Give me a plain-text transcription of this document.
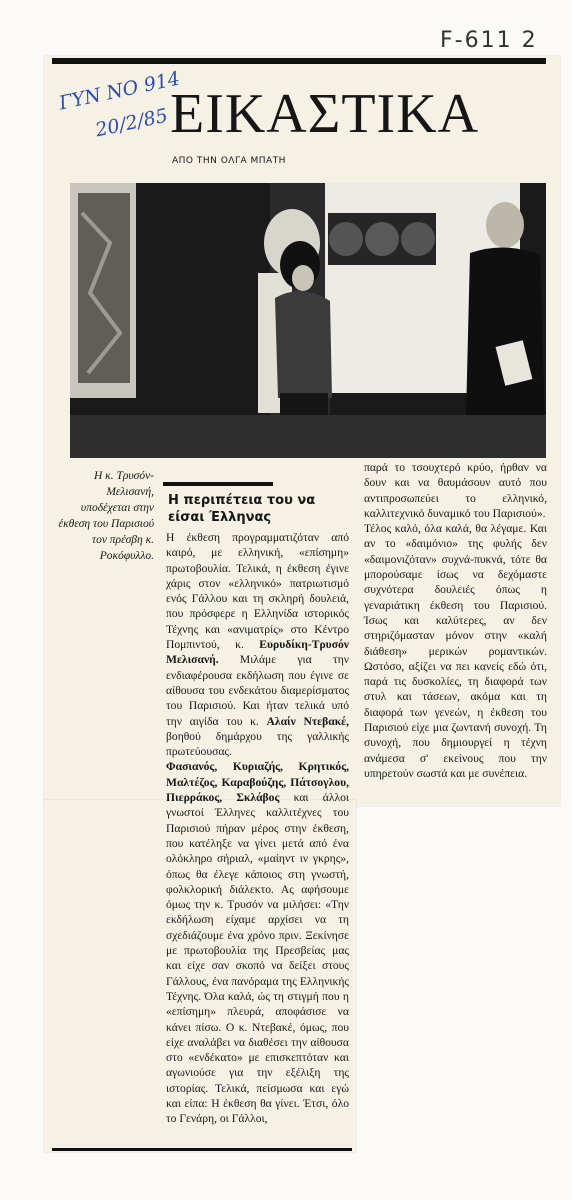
F-611 2
ΓΥΝ ΝΟ 914
20/2/85 ΕΙΚΑΣΤΙΚΑ
ΑΠΟ ΤΗΝ ΟΛΓΑ ΜΠΑΤΗ
Η κ. Τρυσόν-Μελισανή, υποδέχεται στην έκθεση του Παρισιού τον πρέσβη κ. Ροκόφυλλο.
Η περιπέτεια του να είσαι Έλληνας

Η έκθεση προγραμματιζόταν από καιρό, με ελληνική, «επίσημη» πρωτοβουλία. Τελικά, η έκθεση έγινε χάρις στον «ελληνικό» πατριωτισμό ενός Γάλλου και τη σκληρή δουλειά, που πρόσφερε η Ελληνίδα ιστορικός Τέχνης και «ανιματρίς» στο Κέντρο Πομπιντού, κ. Ευρυδίκη-Τρυσόν Μελισανή. Μιλάμε για την ενδιαφέρουσα εκδήλωση που έγινε σε αίθουσα του ενδεκάτου διαμερίσματος του Παρισιού. Και ήταν τελικά υπό την αιγίδα του κ. Αλαίν Ντεβακέ, βοηθού δημάρχου της γαλλικής πρωτεύουσας.

Φασιανός, Κυριαζής, Κρητικός, Μαλτέζος, Καραβούζης, Πάτσογλου, Πιερράκος, Σκλάβος και άλλοι γνωστοί Έλληνες καλλιτέχνες του Παρισιού πήραν μέρος στην έκθεση, που κατέληξε να γίνει μετά από ένα ολόκληρο σήριαλ, «μαίηντ ιν γκρης», όπως θα έλεγε κάποιος στη γνωστή, φολκλορική διάλεκτο. Ας αφήσουμε όμως την κ. Τρυσόν να μιλήσει: «Την εκδήλωση είχαμε αρχίσει να τη σχεδιάζουμε ένα χρόνο πριν. Ξεκίνησε με πρωτοβουλία της Πρεσβείας μας και είχε σαν σκοπό να δείξει στους Γάλλους, ένα πανόραμα της Ελληνικής Τέχνης. Όλα καλά, ώς τη στιγμή που η «επίσημη» πλευρά, αποφάσισε να κάνει πίσω. Ο κ. Ντεβακέ, όμως, που είχε αναλάβει να διαθέσει την αίθουσα στο «ενδέκατο» με επισκεπτόταν και αγωνιούσε για την εξέλιξη της ιστορίας. Τελικά, πείσμωσα και εγώ και είπα: Η έκθεση θα γίνει. Έτσι, όλο το Γενάρη, οι Γάλλοι,

παρά το τσουχτερό κρύο, ήρθαν να δουν και να θαυμάσουν αυτό που αντιπροσωπεύει το ελληνικό, καλλιτεχνικό δυναμικό του Παρισιού».

Τέλος καλό, όλα καλά, θα λέγαμε. Και αν το «δαιμόνιο» της φυλής δεν «δαιμονιζόταν» συχνά-πυκνά, τότε θα μπορούσαμε ίσως να δεχόμαστε συχνότερα δουλειές όπως η γεναριάτικη έκθεση του Παρισιού. Ίσως και καλύτερες, αν δεν στηριζόμασταν μόνον στην «καλή διάθεση» μερικών ρομαντικών. Ωστόσο, αξίζει να πει κανείς εδώ ότι, παρά τις δυσκολίες, τη διαφορά των στυλ και τάσεων, ακόμα και τη διαφορά των γενεών, η έκθεση του Παρισιού είχε μια ζωντανή συνοχή. Τη συνοχή, που δημιουργεί η τέχνη ανάμεσα σ' εκείνους που την υπηρετούν σωστά και με συνέπεια.
